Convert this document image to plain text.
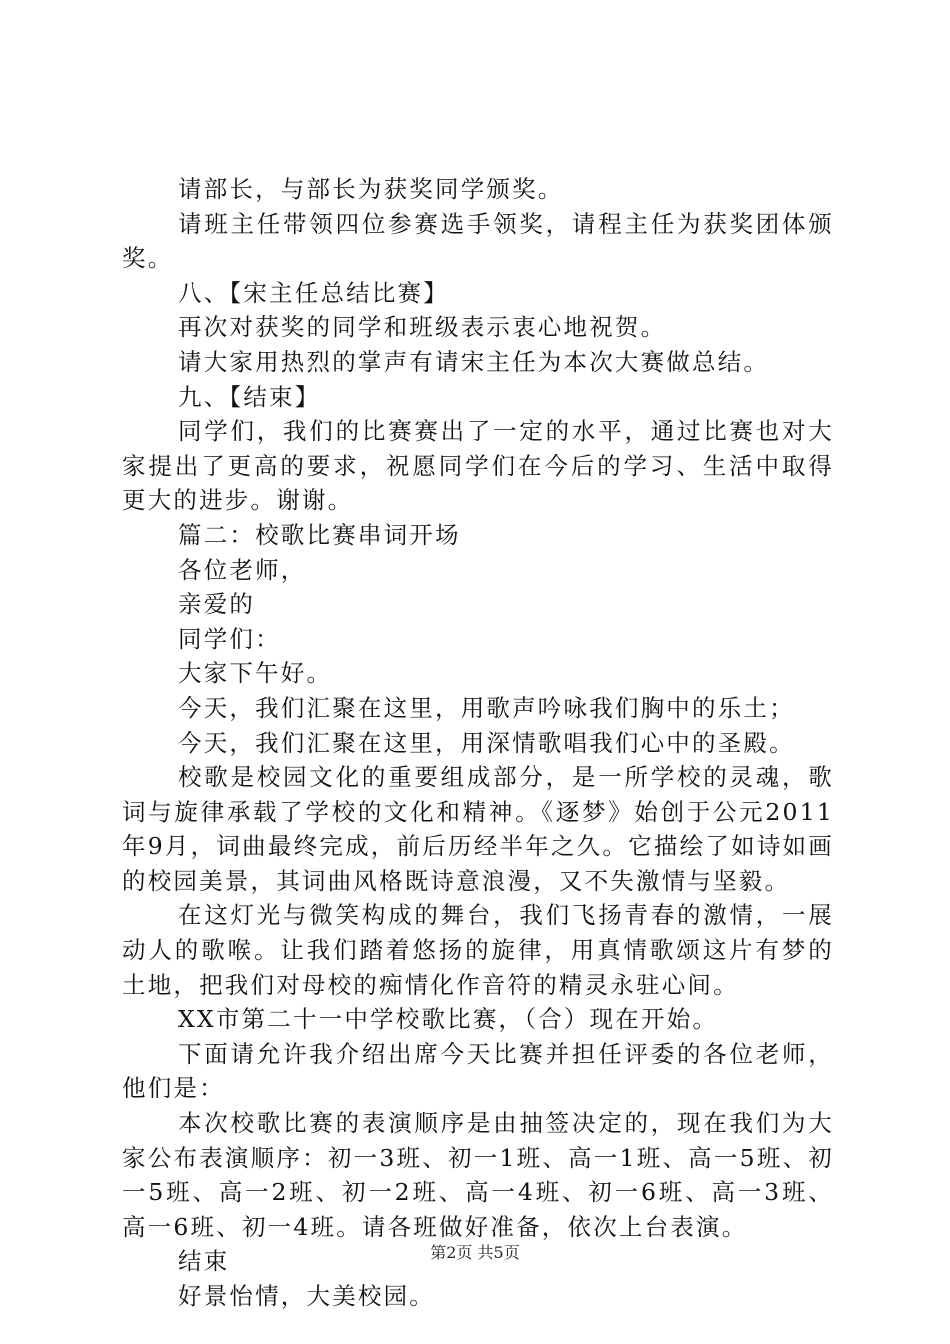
请部长，与部长为获奖同学颁奖。

请班主任带领四位参赛选手领奖，请程主任为获奖团体颁奖。

八、【宋主任总结比赛】

再次对获奖的同学和班级表示衷心地祝贺。

请大家用热烈的掌声有请宋主任为本次大赛做总结。

九、【结束】

同学们，我们的比赛赛出了一定的水平，通过比赛也对大家提出了更高的要求，祝愿同学们在今后的学习、生活中取得更大的进步。谢谢。

篇二：校歌比赛串词开场

各位老师，

亲爱的

同学们：

大家下午好。

今天，我们汇聚在这里，用歌声吟咏我们胸中的乐土；

今天，我们汇聚在这里，用深情歌唱我们心中的圣殿。

校歌是校园文化的重要组成部分，是一所学校的灵魂，歌词与旋律承载了学校的文化和精神。《逐梦》始创于公元2011年9月，词曲最终完成，前后历经半年之久。它描绘了如诗如画的校园美景，其词曲风格既诗意浪漫，又不失激情与坚毅。

在这灯光与微笑构成的舞台，我们飞扬青春的激情，一展动人的歌喉。让我们踏着悠扬的旋律，用真情歌颂这片有梦的土地，把我们对母校的痴情化作音符的精灵永驻心间。

XX市第二十一中学校歌比赛，（合）现在开始。

下面请允许我介绍出席今天比赛并担任评委的各位老师，他们是：

本次校歌比赛的表演顺序是由抽签决定的，现在我们为大家公布表演顺序：初一3班、初一1班、高一1班、高一5班、初一5班、高一2班、初一2班、高一4班、初一6班、高一3班、高一6班、初一4班。请各班做好准备，依次上台表演。

结束

好景怡情，大美校园。

第2页 共5页
